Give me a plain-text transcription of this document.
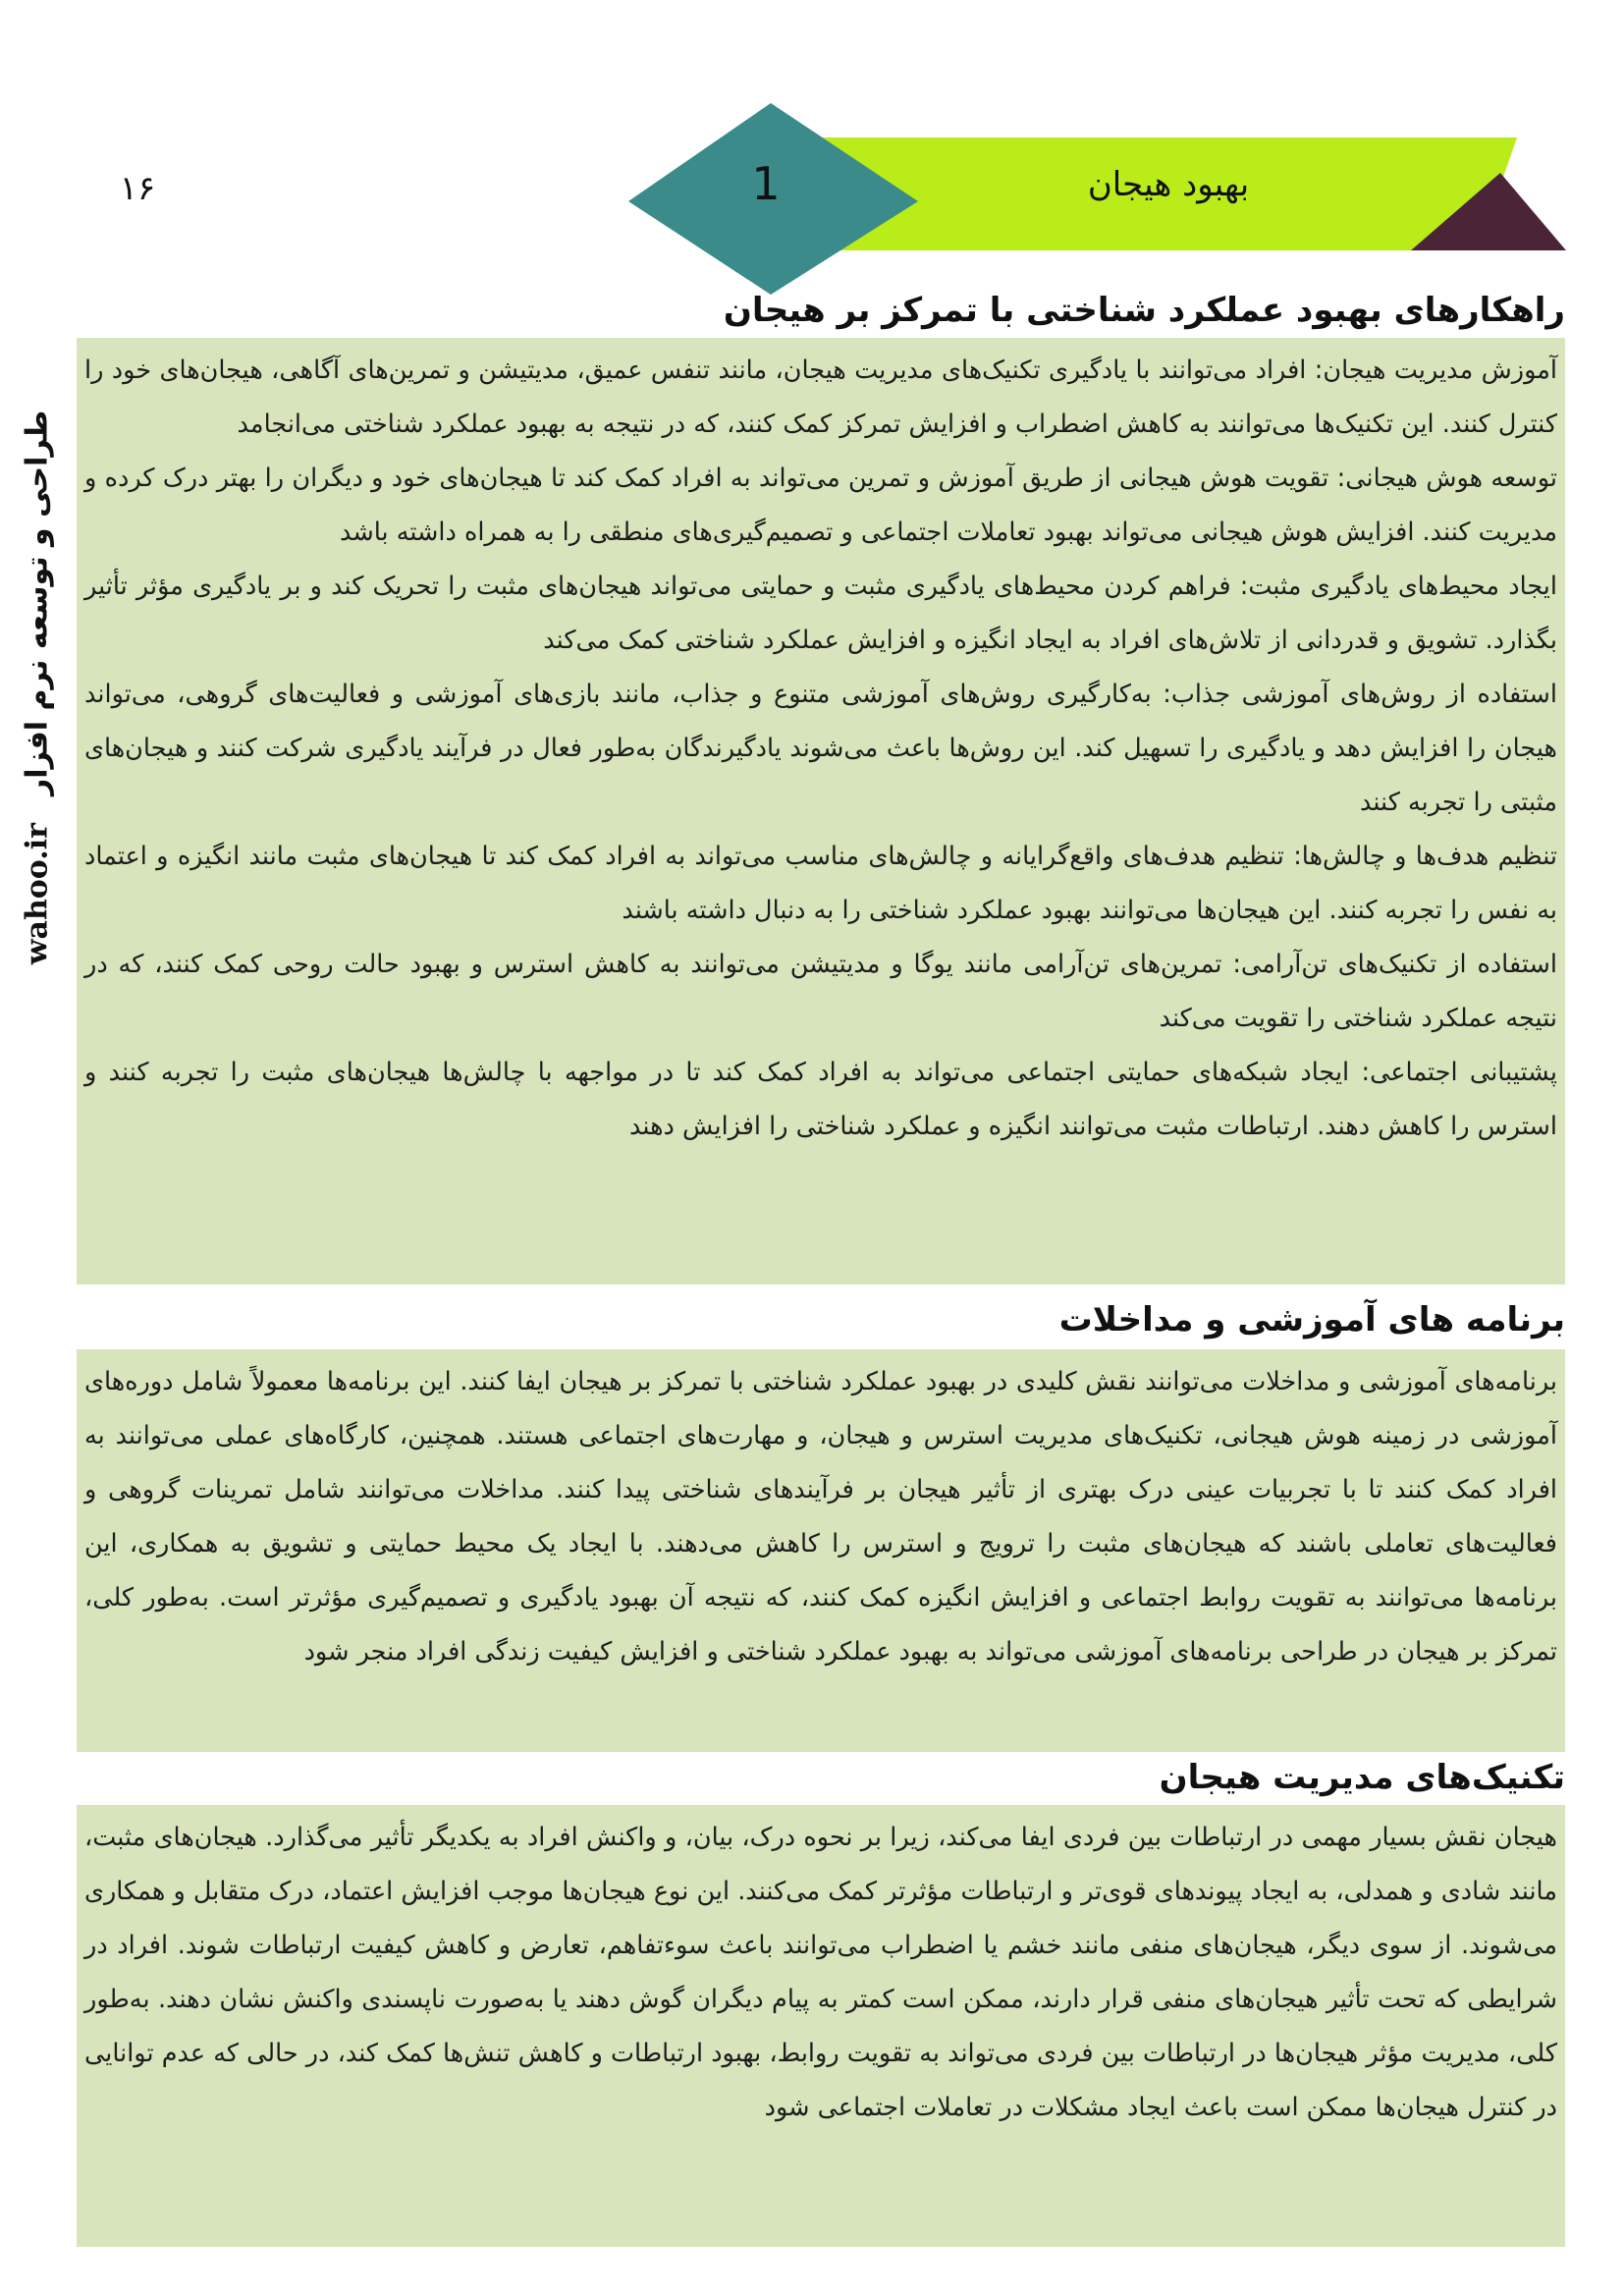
بهبود هیجان
1
۱۶
wahoo.ir
طراحی و توسعه نرم افزار
راهکارهای بهبود عملکرد شناختی با تمرکز بر هیجان

آموزش مدیریت هیجان: افراد می‌توانند با یادگیری تکنیک‌های مدیریت هیجان، مانند تنفس عمیق، مدیتیشن و تمرین‌های آگاهی، هیجان‌های خود را کنترل کنند. این تکنیک‌ها می‌توانند به کاهش اضطراب و افزایش تمرکز کمک کنند، که در نتیجه به بهبود عملکرد شناختی می‌انجامد

توسعه هوش هیجانی: تقویت هوش هیجانی از طریق آموزش و تمرین می‌تواند به افراد کمک کند تا هیجان‌های خود و دیگران را بهتر درک کرده و مدیریت کنند. افزایش هوش هیجانی می‌تواند بهبود تعاملات اجتماعی و تصمیم‌گیری‌های منطقی را به همراه داشته باشد

ایجاد محیط‌های یادگیری مثبت: فراهم کردن محیط‌های یادگیری مثبت و حمایتی می‌تواند هیجان‌های مثبت را تحریک کند و بر یادگیری مؤثر تأثیر بگذارد. تشویق و قدردانی از تلاش‌های افراد به ایجاد انگیزه و افزایش عملکرد شناختی کمک می‌کند

استفاده از روش‌های آموزشی جذاب: به‌کارگیری روش‌های آموزشی متنوع و جذاب، مانند بازی‌های آموزشی و فعالیت‌های گروهی، می‌تواند هیجان را افزایش دهد و یادگیری را تسهیل کند. این روش‌ها باعث می‌شوند یادگیرندگان به‌طور فعال در فرآیند یادگیری شرکت کنند و هیجان‌های مثبتی را تجربه کنند

تنظیم هدف‌ها و چالش‌ها: تنظیم هدف‌های واقع‌گرایانه و چالش‌های مناسب می‌تواند به افراد کمک کند تا هیجان‌های مثبت مانند انگیزه و اعتماد به نفس را تجربه کنند. این هیجان‌ها می‌توانند بهبود عملکرد شناختی را به دنبال داشته باشند

استفاده از تکنیک‌های تن‌آرامی: تمرین‌های تن‌آرامی مانند یوگا و مدیتیشن می‌توانند به کاهش استرس و بهبود حالت روحی کمک کنند، که در نتیجه عملکرد شناختی را تقویت می‌کند

پشتیبانی اجتماعی: ایجاد شبکه‌های حمایتی اجتماعی می‌تواند به افراد کمک کند تا در مواجهه با چالش‌ها هیجان‌های مثبت را تجربه کنند و استرس را کاهش دهند. ارتباطات مثبت می‌توانند انگیزه و عملکرد شناختی را افزایش دهند

برنامه های آموزشی و مداخلات

برنامه‌های آموزشی و مداخلات می‌توانند نقش کلیدی در بهبود عملکرد شناختی با تمرکز بر هیجان ایفا کنند. این برنامه‌ها معمولاً شامل دوره‌های آموزشی در زمینه هوش هیجانی، تکنیک‌های مدیریت استرس و هیجان، و مهارت‌های اجتماعی هستند. همچنین، کارگاه‌های عملی می‌توانند به افراد کمک کنند تا با تجربیات عینی درک بهتری از تأثیر هیجان بر فرآیندهای شناختی پیدا کنند. مداخلات می‌توانند شامل تمرینات گروهی و فعالیت‌های تعاملی باشند که هیجان‌های مثبت را ترویج و استرس را کاهش می‌دهند. با ایجاد یک محیط حمایتی و تشویق به همکاری، این برنامه‌ها می‌توانند به تقویت روابط اجتماعی و افزایش انگیزه کمک کنند، که نتیجه آن بهبود یادگیری و تصمیم‌گیری مؤثرتر است. به‌طور کلی، تمرکز بر هیجان در طراحی برنامه‌های آموزشی می‌تواند به بهبود عملکرد شناختی و افزایش کیفیت زندگی افراد منجر شود

تکنیک‌های مدیریت هیجان

هیجان نقش بسیار مهمی در ارتباطات بین فردی ایفا می‌کند، زیرا بر نحوه درک، بیان، و واکنش افراد به یکدیگر تأثیر می‌گذارد. هیجان‌های مثبت، مانند شادی و همدلی، به ایجاد پیوندهای قوی‌تر و ارتباطات مؤثرتر کمک می‌کنند. این نوع هیجان‌ها موجب افزایش اعتماد، درک متقابل و همکاری می‌شوند. از سوی دیگر، هیجان‌های منفی مانند خشم یا اضطراب می‌توانند باعث سوءتفاهم، تعارض و کاهش کیفیت ارتباطات شوند. افراد در شرایطی که تحت تأثیر هیجان‌های منفی قرار دارند، ممکن است کمتر به پیام دیگران گوش دهند یا به‌صورت ناپسندی واکنش نشان دهند. به‌طور کلی، مدیریت مؤثر هیجان‌ها در ارتباطات بین فردی می‌تواند به تقویت روابط، بهبود ارتباطات و کاهش تنش‌ها کمک کند، در حالی که عدم توانایی در کنترل هیجان‌ها ممکن است باعث ایجاد مشکلات در تعاملات اجتماعی شود
